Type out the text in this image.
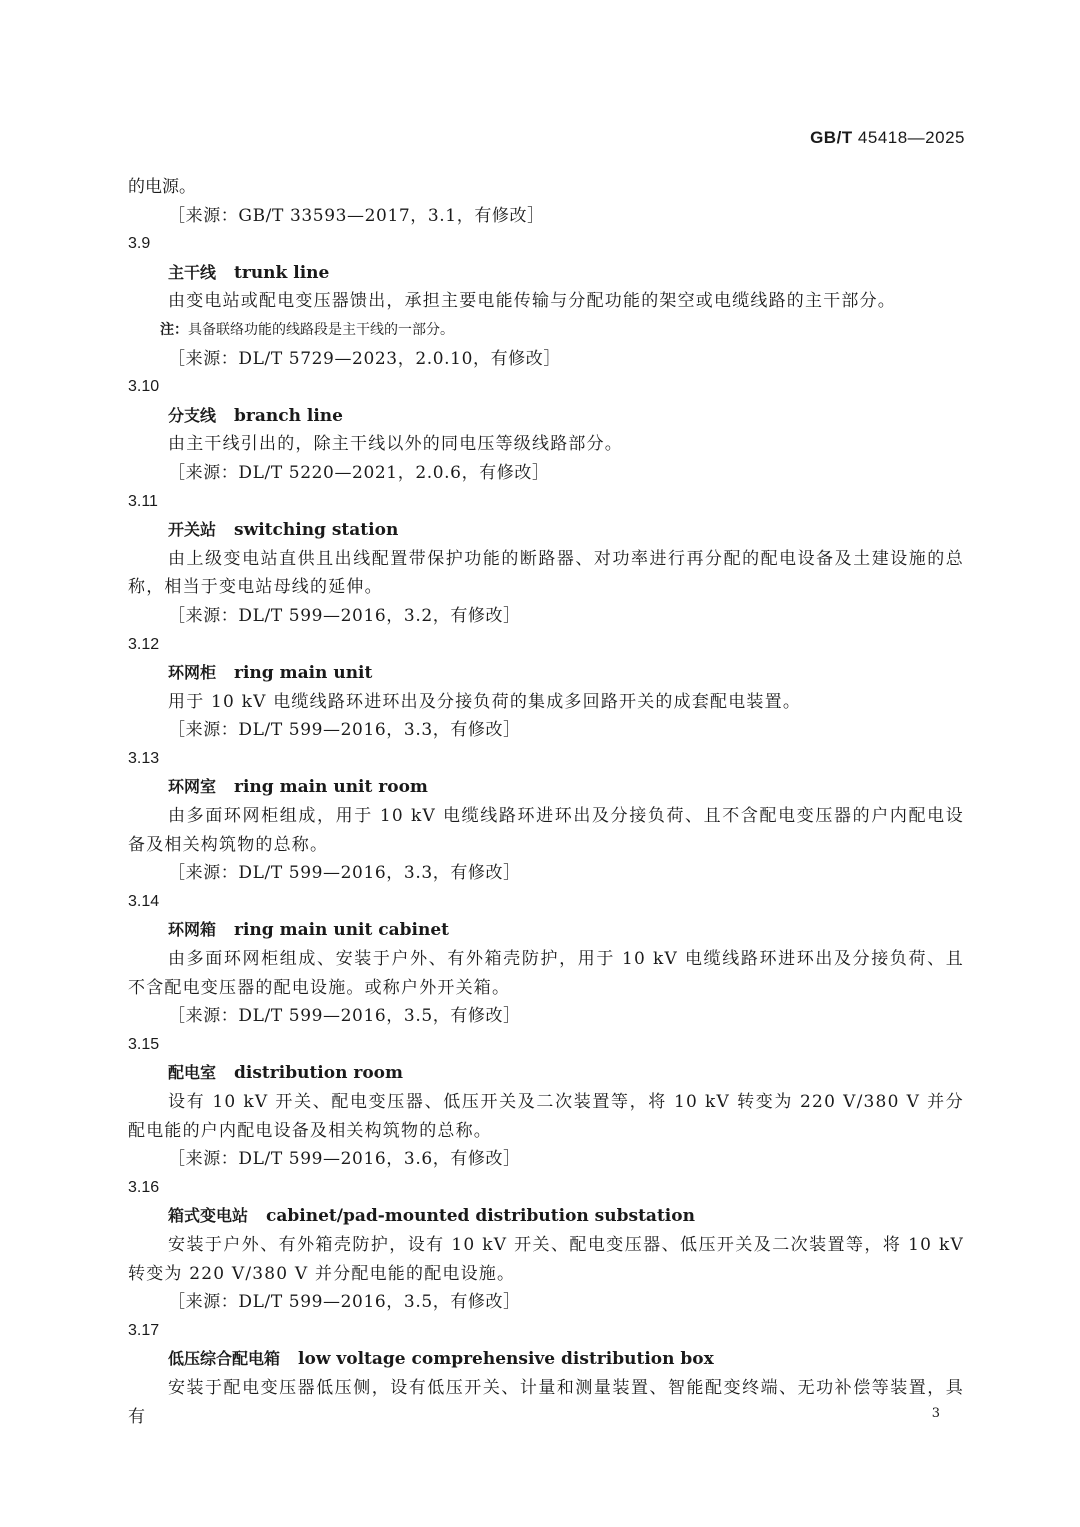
GB/T 45418—2025
的电源。
［来源：GB/T 33593—2017，3.1，有修改］
3.9
主干线 trunk line
由变电站或配电变压器馈出，承担主要电能传输与分配功能的架空或电缆线路的主干部分。
注：具备联络功能的线路段是主干线的一部分。
［来源：DL/T 5729—2023，2.0.10，有修改］
3.10
分支线 branch line
由主干线引出的，除主干线以外的同电压等级线路部分。
［来源：DL/T 5220—2021，2.0.6，有修改］
3.11
开关站 switching station
由上级变电站直供且出线配置带保护功能的断路器、对功率进行再分配的配电设备及土建设施的总称，相当于变电站母线的延伸。
［来源：DL/T 599—2016，3.2，有修改］
3.12
环网柜 ring main unit
用于 10 kV 电缆线路环进环出及分接负荷的集成多回路开关的成套配电装置。
［来源：DL/T 599—2016，3.3，有修改］
3.13
环网室 ring main unit room
由多面环网柜组成，用于 10 kV 电缆线路环进环出及分接负荷、且不含配电变压器的户内配电设备及相关构筑物的总称。
［来源：DL/T 599—2016，3.3，有修改］
3.14
环网箱 ring main unit cabinet
由多面环网柜组成、安装于户外、有外箱壳防护，用于 10 kV 电缆线路环进环出及分接负荷、且不含配电变压器的配电设施。或称户外开关箱。
［来源：DL/T 599—2016，3.5，有修改］
3.15
配电室 distribution room
设有 10 kV 开关、配电变压器、低压开关及二次装置等，将 10 kV 转变为 220 V/380 V 并分配电能的户内配电设备及相关构筑物的总称。
［来源：DL/T 599—2016，3.6，有修改］
3.16
箱式变电站 cabinet/pad-mounted distribution substation
安装于户外、有外箱壳防护，设有 10 kV 开关、配电变压器、低压开关及二次装置等，将 10 kV 转变为 220 V/380 V 并分配电能的配电设施。
［来源：DL/T 599—2016，3.5，有修改］
3.17
低压综合配电箱 low voltage comprehensive distribution box
安装于配电变压器低压侧，设有低压开关、计量和测量装置、智能配变终端、无功补偿等装置，具有	3
